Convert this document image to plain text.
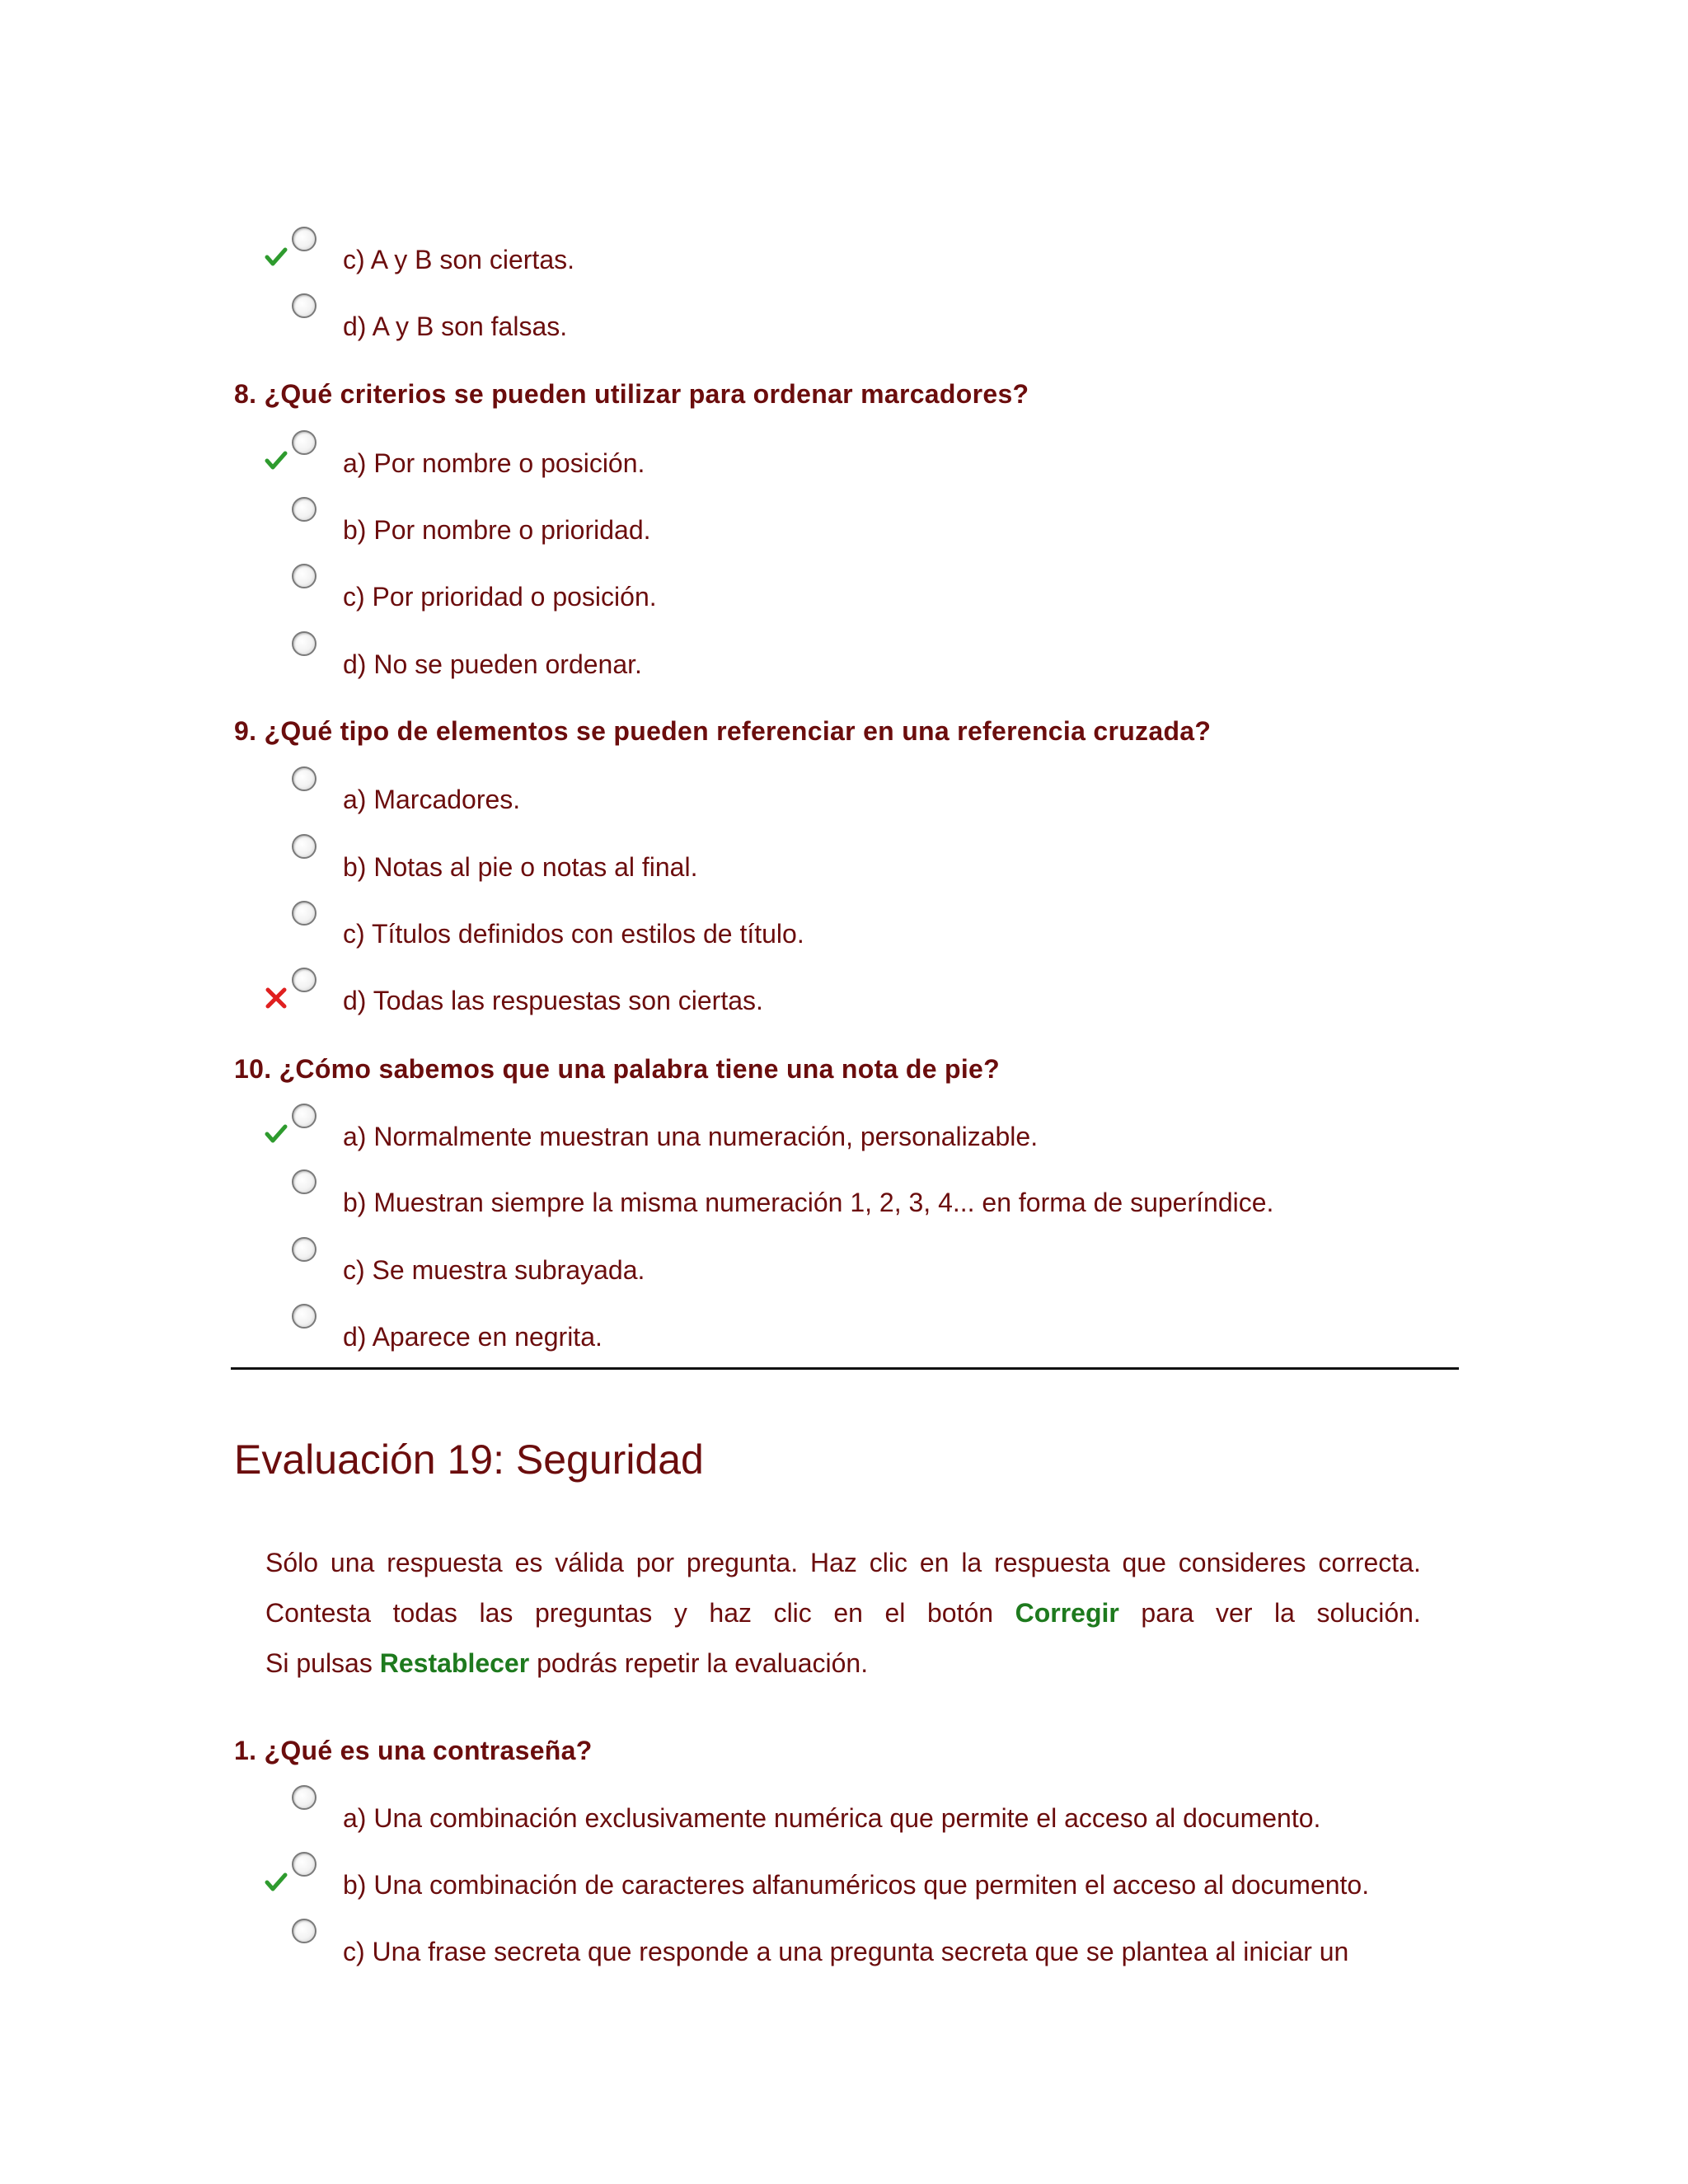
c) A y B son ciertas.
d) A y B son falsas.
8. ¿Qué criterios se pueden utilizar para ordenar marcadores?
a) Por nombre o posición.
b) Por nombre o prioridad.
c) Por prioridad o posición.
d) No se pueden ordenar.
9. ¿Qué tipo de elementos se pueden referenciar en una referencia cruzada?
a) Marcadores.
b) Notas al pie o notas al final.
c) Títulos definidos con estilos de título.
d) Todas las respuestas son ciertas.
10. ¿Cómo sabemos que una palabra tiene una nota de pie?
a) Normalmente muestran una numeración, personalizable.
b) Muestran siempre la misma numeración 1, 2, 3, 4... en forma de superíndice.
c) Se muestra subrayada.
d) Aparece en negrita.
Evaluación 19: Seguridad
Sólo una respuesta es válida por pregunta. Haz clic en la respuesta que consideres correcta.
Contesta todas las preguntas y haz clic en el botón Corregir para ver la solución.
Si pulsas Restablecer podrás repetir la evaluación.
1. ¿Qué es una contraseña?
a) Una combinación exclusivamente numérica que permite el acceso al documento.
b) Una combinación de caracteres alfanuméricos que permiten el acceso al documento.
c) Una frase secreta que responde a una pregunta secreta que se plantea al iniciar un
